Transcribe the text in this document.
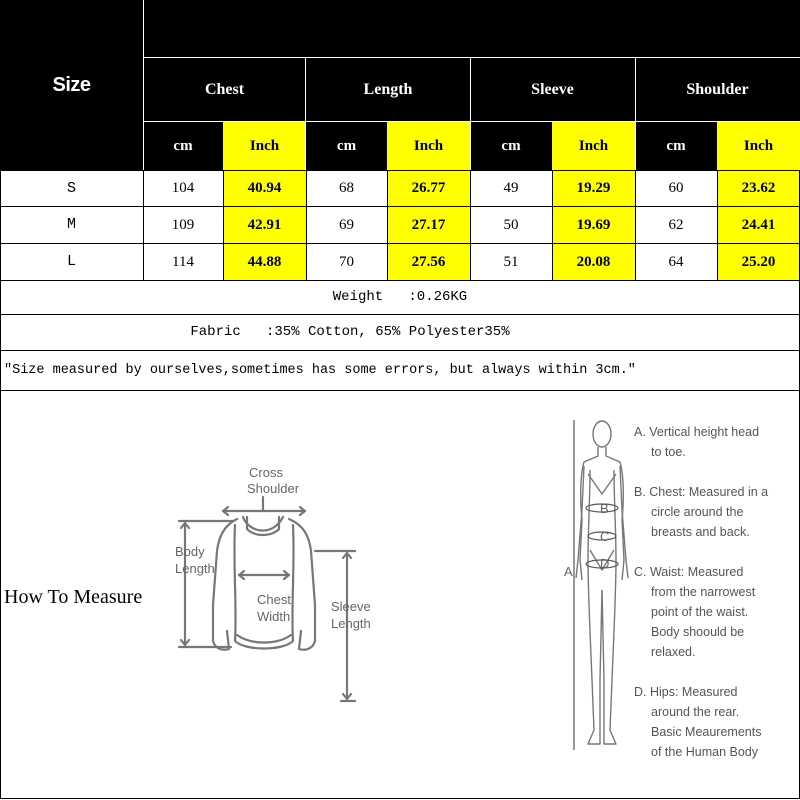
Size	Chest	Length	Sleeve	Shoulder
cm	Inch	cm	Inch	cm	Inch	cm	Inch
S	104	40.94	68	26.77	49	19.29	60	23.62
M	109	42.91	69	27.17	50	19.69	62	24.41
L	114	44.88	70	27.56	51	20.08	64	25.20
Weight   :0.26KG
Fabric   :35% Cotton, 65% Polyester35%
"Size measured by ourselves,sometimes has some errors, but always within 3cm."
How To Measure
Cross
Shoulder
Body
Length
Chest
Width
Sleeve
Length
B
C
D
A
A. Vertical height head
to toe.
B. Chest: Measured in a
circle around the
breasts and back.
C. Waist: Measured
from the narrowest
point of the waist.
Body shoould be
relaxed.
D. Hips: Measured
around the rear.
Basic Meaurements
of the Human Body
